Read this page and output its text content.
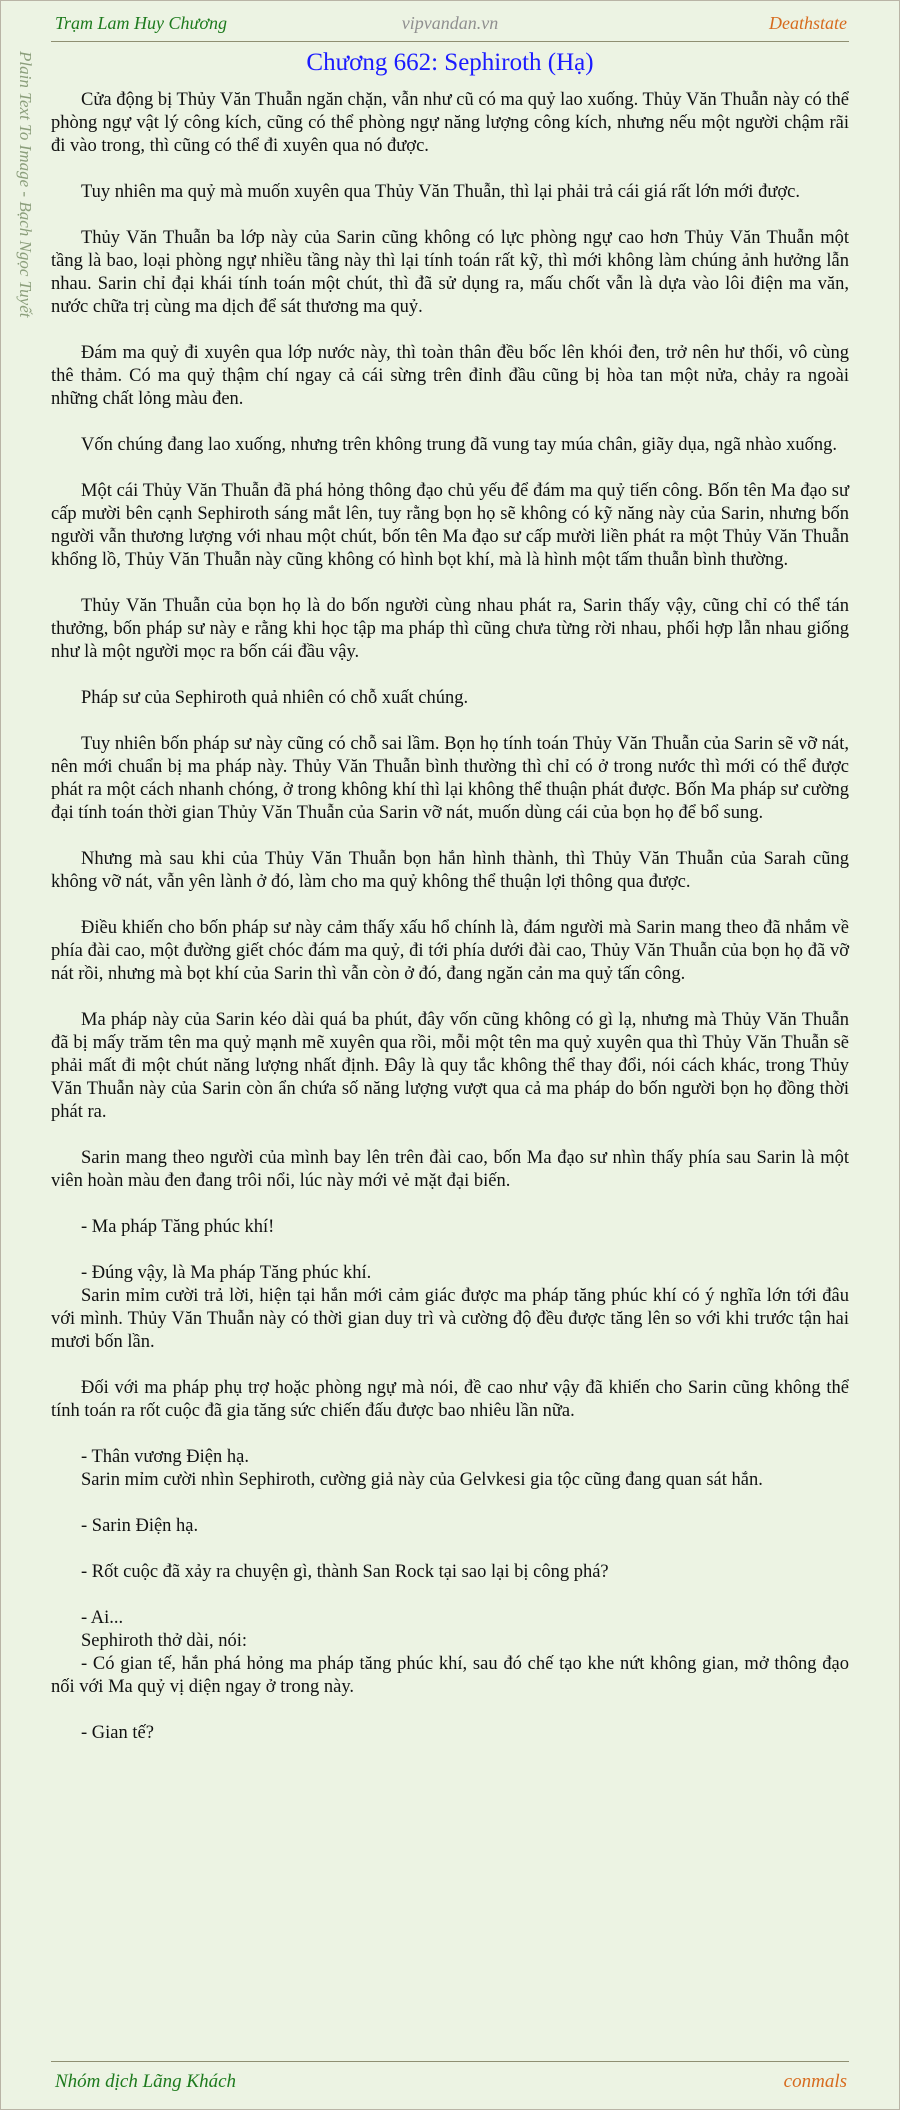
Plain Text To Image - Bạch Ngọc Tuyết
Trạm Lam Huy Chương	vipvandan.vn	Deathstate
Chương 662: Sephiroth (Hạ)

Cửa động bị Thủy Văn Thuẫn ngăn chặn, vẫn như cũ có ma quỷ lao xuống. Thủy Văn Thuẫn này có thể phòng ngự vật lý công kích, cũng có thể phòng ngự năng lượng công kích, nhưng nếu một người chậm rãi đi vào trong, thì cũng có thể đi xuyên qua nó được.

Tuy nhiên ma quỷ mà muốn xuyên qua Thủy Văn Thuẫn, thì lại phải trả cái giá rất lớn mới được.

Thủy Văn Thuẫn ba lớp này của Sarin cũng không có lực phòng ngự cao hơn Thủy Văn Thuẫn một tầng là bao, loại phòng ngự nhiều tầng này thì lại tính toán rất kỹ, thì mới không làm chúng ảnh hưởng lẫn nhau. Sarin chỉ đại khái tính toán một chút, thì đã sử dụng ra, mấu chốt vẫn là dựa vào lôi điện ma văn, nước chữa trị cùng ma dịch để sát thương ma quỷ.

Đám ma quỷ đi xuyên qua lớp nước này, thì toàn thân đều bốc lên khói đen, trở nên hư thối, vô cùng thê thảm. Có ma quỷ thậm chí ngay cả cái sừng trên đỉnh đầu cũng bị hòa tan một nửa, chảy ra ngoài những chất lỏng màu đen.

Vốn chúng đang lao xuống, nhưng trên không trung đã vung tay múa chân, giãy dụa, ngã nhào xuống.

Một cái Thủy Văn Thuẫn đã phá hỏng thông đạo chủ yếu để đám ma quỷ tiến công. Bốn tên Ma đạo sư cấp mười bên cạnh Sephiroth sáng mắt lên, tuy rằng bọn họ sẽ không có kỹ năng này của Sarin, nhưng bốn người vẫn thương lượng với nhau một chút, bốn tên Ma đạo sư cấp mười liền phát ra một Thủy Văn Thuẫn khổng lồ, Thủy Văn Thuẫn này cũng không có hình bọt khí, mà là hình một tấm thuẫn bình thường.

Thủy Văn Thuẫn của bọn họ là do bốn người cùng nhau phát ra, Sarin thấy vậy, cũng chỉ có thể tán thưởng, bốn pháp sư này e rằng khi học tập ma pháp thì cũng chưa từng rời nhau, phối hợp lẫn nhau giống như là một người mọc ra bốn cái đầu vậy.

Pháp sư của Sephiroth quả nhiên có chỗ xuất chúng.

Tuy nhiên bốn pháp sư này cũng có chỗ sai lầm. Bọn họ tính toán Thủy Văn Thuẫn của Sarin sẽ vỡ nát, nên mới chuẩn bị ma pháp này. Thủy Văn Thuẫn bình thường thì chỉ có ở trong nước thì mới có thể được phát ra một cách nhanh chóng, ở trong không khí thì lại không thể thuận phát được. Bốn Ma pháp sư cường đại tính toán thời gian Thủy Văn Thuẫn của Sarin vỡ nát, muốn dùng cái của bọn họ để bổ sung.

Nhưng mà sau khi của Thủy Văn Thuẫn bọn hắn hình thành, thì Thủy Văn Thuẫn của Sarah cũng không vỡ nát, vẫn yên lành ở đó, làm cho ma quỷ không thể thuận lợi thông qua được.

Điều khiến cho bốn pháp sư này cảm thấy xấu hổ chính là, đám người mà Sarin mang theo đã nhắm về phía đài cao, một đường giết chóc đám ma quỷ, đi tới phía dưới đài cao, Thủy Văn Thuẫn của bọn họ đã vỡ nát rồi, nhưng mà bọt khí của Sarin thì vẫn còn ở đó, đang ngăn cản ma quỷ tấn công.

Ma pháp này của Sarin kéo dài quá ba phút, đây vốn cũng không có gì lạ, nhưng mà Thủy Văn Thuẫn đã bị mấy trăm tên ma quỷ mạnh mẽ xuyên qua rồi, mỗi một tên ma quỷ xuyên qua thì Thủy Văn Thuẫn sẽ phải mất đi một chút năng lượng nhất định. Đây là quy tắc không thể thay đổi, nói cách khác, trong Thủy Văn Thuẫn này của Sarin còn ẩn chứa số năng lượng vượt qua cả ma pháp do bốn người bọn họ đồng thời phát ra.

Sarin mang theo người của mình bay lên trên đài cao, bốn Ma đạo sư nhìn thấy phía sau Sarin là một viên hoàn màu đen đang trôi nổi, lúc này mới vẻ mặt đại biến.

- Ma pháp Tăng phúc khí!

- Đúng vậy, là Ma pháp Tăng phúc khí.

Sarin mỉm cười trả lời, hiện tại hắn mới cảm giác được ma pháp tăng phúc khí có ý nghĩa lớn tới đâu với mình. Thủy Văn Thuẫn này có thời gian duy trì và cường độ đều được tăng lên so với khi trước tận hai mươi bốn lần.

Đối với ma pháp phụ trợ hoặc phòng ngự mà nói, đề cao như vậy đã khiến cho Sarin cũng không thể tính toán ra rốt cuộc đã gia tăng sức chiến đấu được bao nhiêu lần nữa.

- Thân vương Điện hạ.

Sarin mỉm cười nhìn Sephiroth, cường giả này của Gelvkesi gia tộc cũng đang quan sát hắn.

- Sarin Điện hạ.

- Rốt cuộc đã xảy ra chuyện gì, thành San Rock tại sao lại bị công phá?

- Ai...

Sephiroth thở dài, nói:

- Có gian tế, hắn phá hỏng ma pháp tăng phúc khí, sau đó chế tạo khe nứt không gian, mở thông đạo nối với Ma quỷ vị diện ngay ở trong này.

- Gian tế?

Nhóm dịch Lãng Khách	conmals
